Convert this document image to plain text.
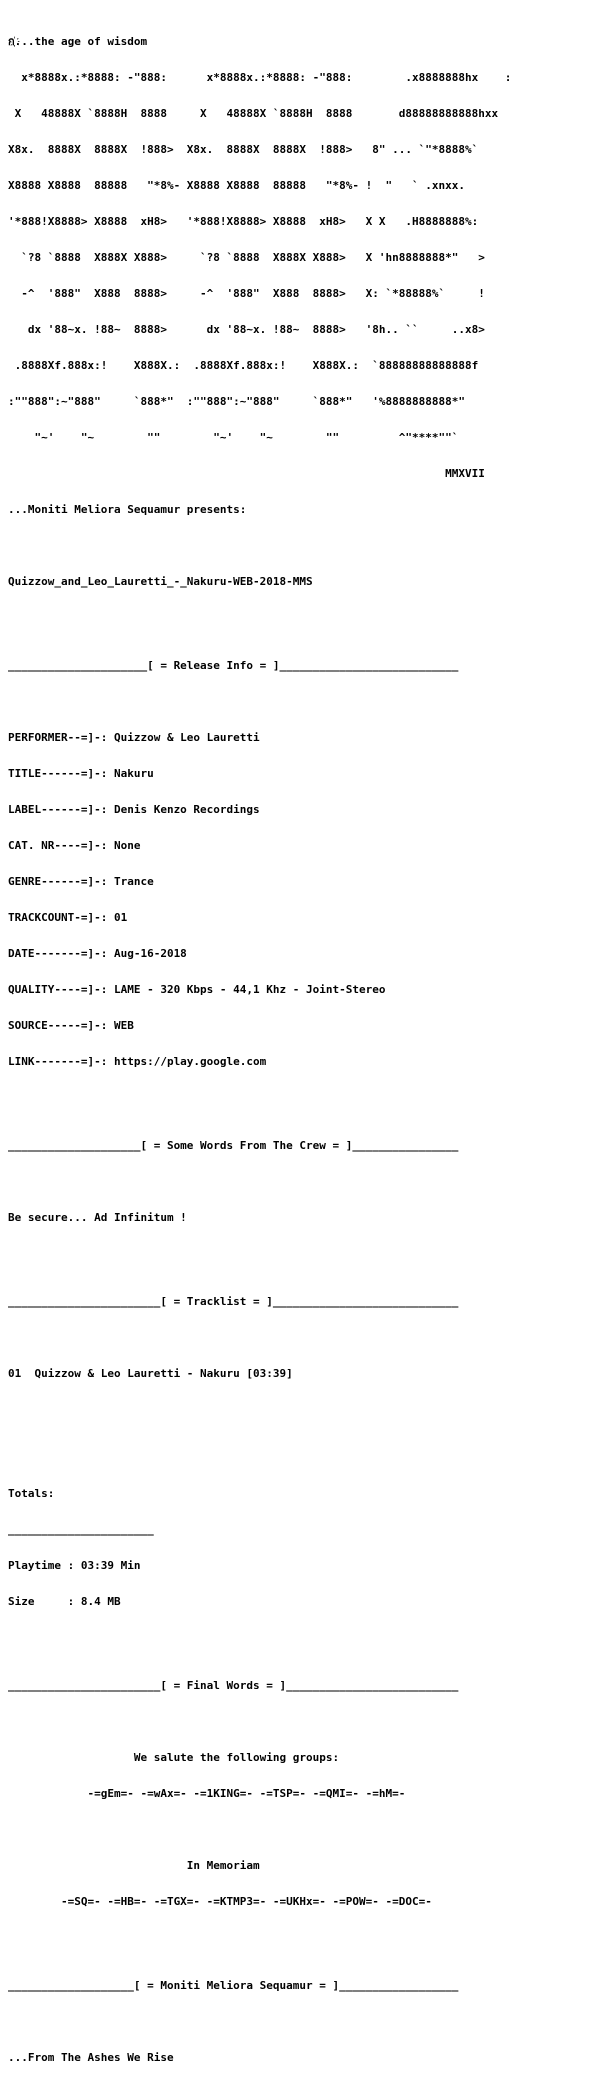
ก҉...the age of wisdom

x*8888x.:*8888: -"888:      x*8888x.:*8888: -"888:        .x8888888hx    :

X   48888X `8888H  8888     X   48888X `8888H  8888       d88888888888hxx

X8x.  8888X  8888X  !888>  X8x.  8888X  8888X  !888>   8" ... `"*8888%`

X8888 X8888  88888   "*8%- X8888 X8888  88888   "*8%- !  "   ` .xnxx.

'*888!X8888> X8888  xH8>   '*888!X8888> X8888  xH8>   X X   .H8888888%:

`?8 `8888  X888X X888>     `?8 `8888  X888X X888>   X 'hn8888888*"   >

-^  '888"  X888  8888>     -^  '888"  X888  8888>   X: `*88888%`     !

dx '88~x. !88~  8888>      dx '88~x. !88~  8888>   '8h.. ``     ..x8>

.8888Xf.888x:!    X888X.:  .8888Xf.888x:!    X888X.:  `88888888888888f

:""888":~"888"     `888*"  :""888":~"888"     `888*"   '%8888888888*"

"~'    "~        ""        "~'    "~        ""         ^"****""`

MMXVII

...Moniti Meliora Sequamur presents:

Quizzow_and_Leo_Lauretti_-_Nakuru-WEB-2018-MMS

_____________________[ = Release Info = ]___________________________

PERFORMER--=]-: Quizzow & Leo Lauretti

TITLE------=]-: Nakuru

LABEL------=]-: Denis Kenzo Recordings

CAT. NR----=]-: None

GENRE------=]-: Trance

TRACKCOUNT-=]-: 01

DATE-------=]-: Aug-16-2018

QUALITY----=]-: LAME - 320 Kbps - 44,1 Khz - Joint-Stereo

SOURCE-----=]-: WEB

LINK-------=]-: https://play.google.com

____________________[ = Some Words From The Crew = ]________________

Be secure... Ad Infinitum !

_______________________[ = Tracklist = ]____________________________

01  Quizzow & Leo Lauretti - Nakuru [03:39]

Totals:

______________________

Playtime : 03:39 Min

Size     : 8.4 MB

_______________________[ = Final Words = ]__________________________

We salute the following groups:

-=gEm=- -=wAx=- -=1KING=- -=TSP=- -=QMI=- -=hM=-

In Memoriam

-=SQ=- -=HB=- -=TGX=- -=KTMP3=- -=UKHx=- -=POW=- -=DOC=-

___________________[ = Moniti Meliora Sequamur = ]__________________

...From The Ashes We Rise
